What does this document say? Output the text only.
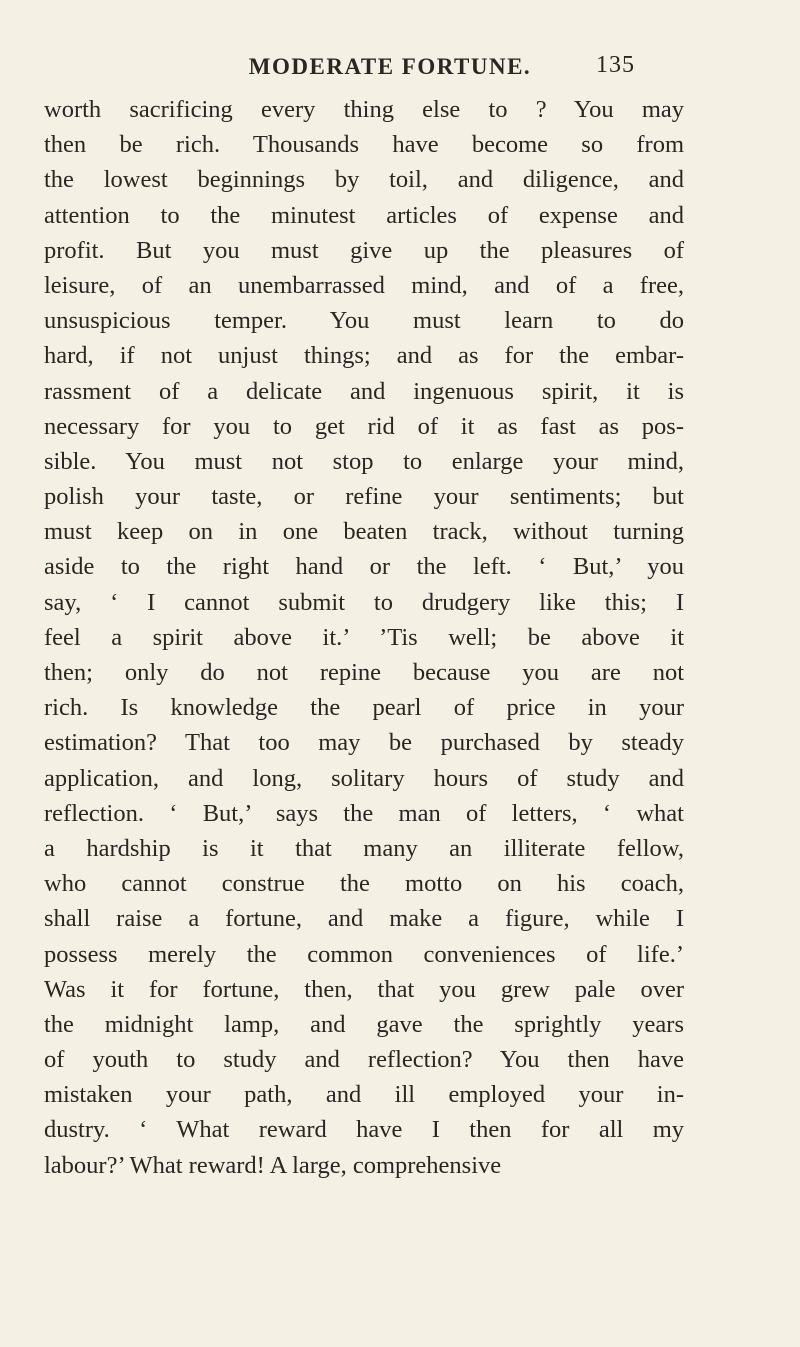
MODERATE FORTUNE.	135
worth sacrificing every thing else to ? You may
then be rich. Thousands have become so from
the lowest beginnings by toil, and diligence, and
attention to the minutest articles of expense and
profit. But you must give up the pleasures of
leisure, of an unembarrassed mind, and of a free,
unsuspicious temper. You must learn to do
hard, if not unjust things; and as for the embar-
rassment of a delicate and ingenuous spirit, it is
necessary for you to get rid of it as fast as pos-
sible. You must not stop to enlarge your mind,
polish your taste, or refine your sentiments; but
must keep on in one beaten track, without turning
aside to the right hand or the left. ‘ But,’ you
say, ‘ I cannot submit to drudgery like this; I
feel a spirit above it.’ ’Tis well; be above it
then; only do not repine because you are not
rich. Is knowledge the pearl of price in your
estimation? That too may be purchased by steady
application, and long, solitary hours of study and
reflection. ‘ But,’ says the man of letters, ‘ what
a hardship is it that many an illiterate fellow,
who cannot construe the motto on his coach,
shall raise a fortune, and make a figure, while I
possess merely the common conveniences of life.’
Was it for fortune, then, that you grew pale over
the midnight lamp, and gave the sprightly years
of youth to study and reflection? You then have
mistaken your path, and ill employed your in-
dustry. ‘ What reward have I then for all my
labour?’ What reward! A large, comprehensive
